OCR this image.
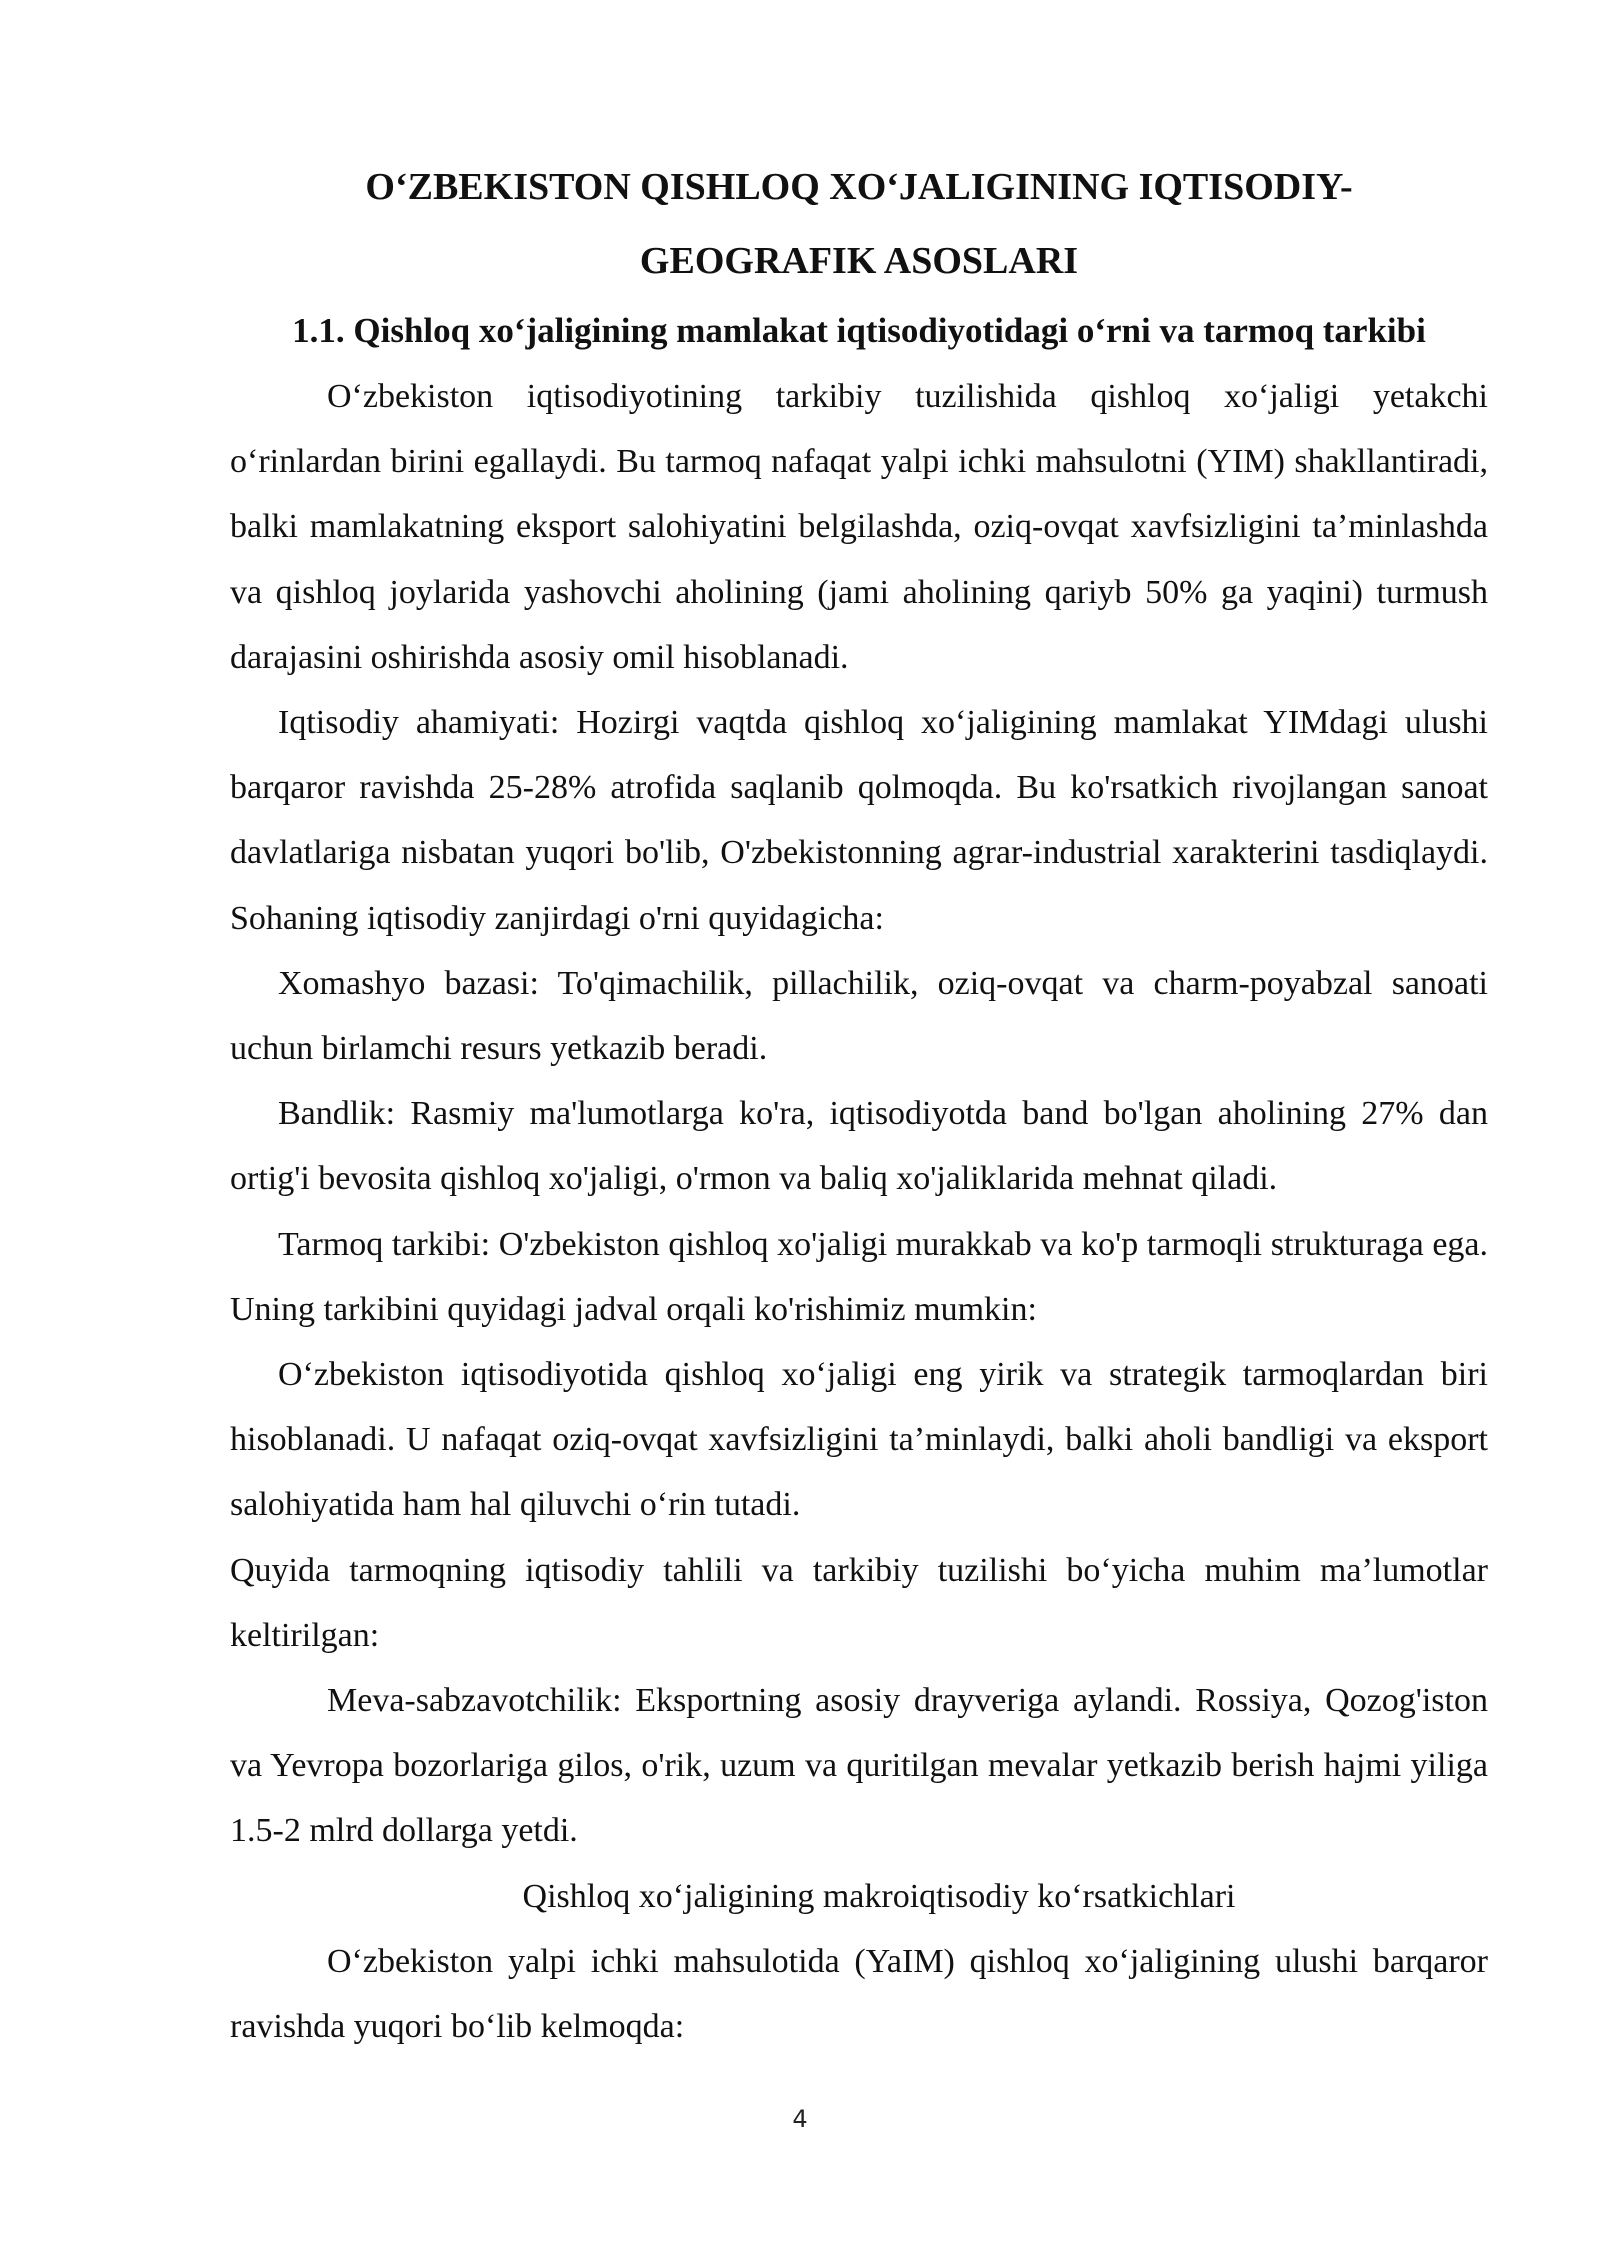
O‘ZBEKISTON QISHLOQ XO‘JALIGINING IQTISODIY-
GEOGRAFIK ASOSLARI
1.1. Qishloq xo‘jaligining mamlakat iqtisodiyotidagi o‘rni va tarmoq tarkibi

O‘zbekiston iqtisodiyotining tarkibiy tuzilishida qishloq xo‘jaligi yetakchi o‘rinlardan birini egallaydi. Bu tarmoq nafaqat yalpi ichki mahsulotni (YIM) shakllantiradi, balki mamlakatning eksport salohiyatini belgilashda, oziq-ovqat xavfsizligini ta’minlashda va qishloq joylarida yashovchi aholining (jami aholining qariyb 50% ga yaqini) turmush darajasini oshirishda asosiy omil hisoblanadi.

Iqtisodiy ahamiyati: Hozirgi vaqtda qishloq xo‘jaligining mamlakat YIMdagi ulushi barqaror ravishda 25-28% atrofida saqlanib qolmoqda. Bu ko'rsatkich rivojlangan sanoat davlatlariga nisbatan yuqori bo'lib, O'zbekistonning agrar-industrial xarakterini tasdiqlaydi. Sohaning iqtisodiy zanjirdagi o'rni quyidagicha:

Xomashyo bazasi: To'qimachilik, pillachilik, oziq-ovqat va charm-poyabzal sanoati uchun birlamchi resurs yetkazib beradi.

Bandlik: Rasmiy ma'lumotlarga ko'ra, iqtisodiyotda band bo'lgan aholining 27% dan ortig'i bevosita qishloq xo'jaligi, o'rmon va baliq xo'jaliklarida mehnat qiladi.

Tarmoq tarkibi: O'zbekiston qishloq xo'jaligi murakkab va ko'p tarmoqli strukturaga ega. Uning tarkibini quyidagi jadval orqali ko'rishimiz mumkin:

O‘zbekiston iqtisodiyotida qishloq xo‘jaligi eng yirik va strategik tarmoqlardan biri hisoblanadi. U nafaqat oziq-ovqat xavfsizligini ta’minlaydi, balki aholi bandligi va eksport salohiyatida ham hal qiluvchi o‘rin tutadi.

Quyida tarmoqning iqtisodiy tahlili va tarkibiy tuzilishi bo‘yicha muhim ma’lumotlar keltirilgan:

Meva-sabzavotchilik: Eksportning asosiy drayveriga aylandi. Rossiya, Qozog'iston va Yevropa bozorlariga gilos, o'rik, uzum va quritilgan mevalar yetkazib berish hajmi yiliga 1.5-2 mlrd dollarga yetdi.

Qishloq xo‘jaligining makroiqtisodiy ko‘rsatkichlari

O‘zbekiston yalpi ichki mahsulotida (YaIM) qishloq xo‘jaligining ulushi barqaror ravishda yuqori bo‘lib kelmoqda:

4
